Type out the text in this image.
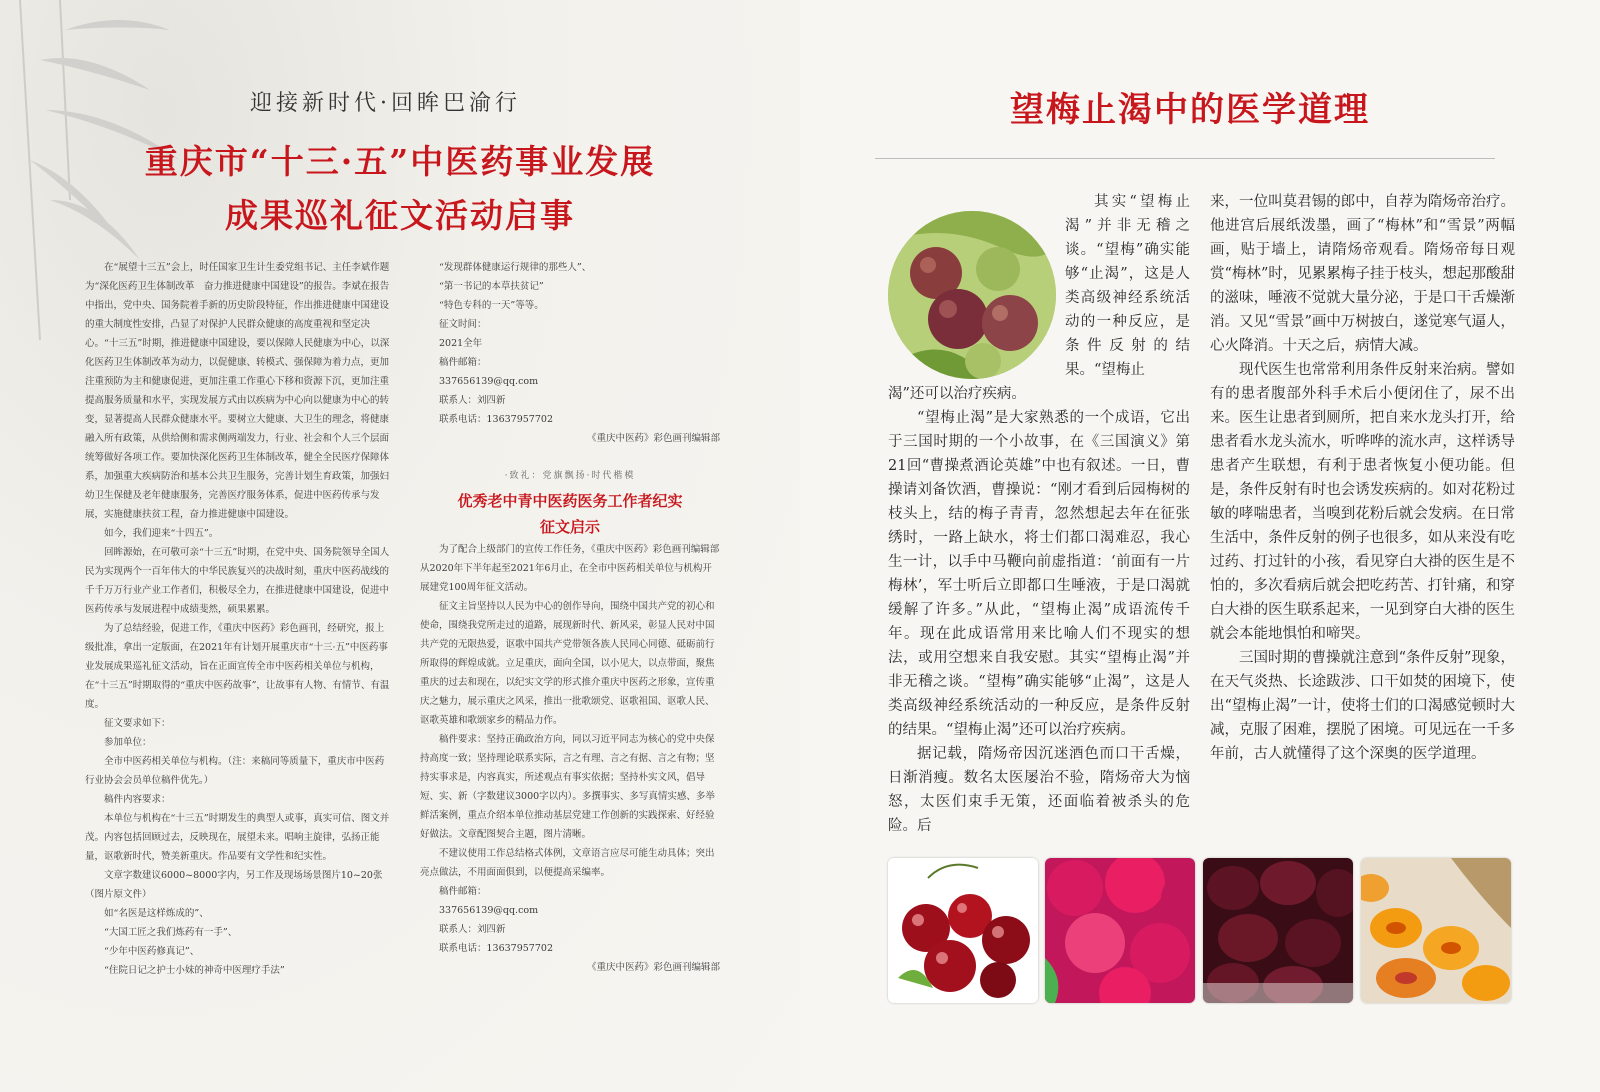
迎接新时代·回眸巴渝行
重庆市“十三·五”中医药事业发展
成果巡礼征文活动启事

在“展望十三五”会上，时任国家卫生计生委党组书记、主任李斌作题为“深化医药卫生体制改革　奋力推进健康中国建设”的报告。李斌在报告中指出，党中央、国务院着手新的历史阶段特征，作出推进健康中国建设的重大制度性安排，凸显了对保护人民群众健康的高度重视和坚定决心。“十三五”时期，推进健康中国建设，要以保障人民健康为中心，以深化医药卫生体制改革为动力，以促健康、转模式、强保障为着力点，更加注重预防为主和健康促进，更加注重工作重心下移和资源下沉，更加注重提高服务质量和水平，实现发展方式由以疾病为中心向以健康为中心的转变，显著提高人民群众健康水平。要树立大健康、大卫生的理念，将健康融入所有政策，从供给侧和需求侧两端发力，行业、社会和个人三个层面统筹做好各项工作。要加快深化医药卫生体制改革，健全全民医疗保障体系，加强重大疾病防治和基本公共卫生服务，完善计划生育政策，加强妇幼卫生保健及老年健康服务，完善医疗服务体系，促进中医药传承与发展，实施健康扶贫工程，奋力推进健康中国建设。

如今，我们迎来“十四五”。

回眸源始，在可敬可亲“十三五”时期，在党中央、国务院领导全国人民为实现两个一百年伟大的中华民族复兴的决战时刻，重庆中医药战线的千千万万行业产业工作者们，积极尽全力，在推进健康中国建设，促进中医药传承与发展进程中成绩斐然，硕果累累。

为了总结经验，促进工作，《重庆中医药》彩色画刊，经研究，报上级批准，拿出一定版面，在2021年有计划开展重庆市“十三·五”中医药事业发展成果巡礼征文活动，旨在正面宣传全市中医药相关单位与机构，在“十三五”时期取得的“重庆中医药故事”，让故事有人物、有情节、有温度。

征文要求如下：

参加单位：

全市中医药相关单位与机构。（注：来稿同等质量下，重庆市中医药行业协会会员单位稿件优先。）

稿件内容要求：

本单位与机构在“十三五”时期发生的典型人或事，真实可信、图文并茂。内容包括回顾过去，反映现在，展望未来。唱响主旋律，弘扬正能量，讴歌新时代，赞美新重庆。作品要有文学性和纪实性。

文章字数建议6000~8000字内，另工作及现场场景图片10~20张（图片原文件）

如“名医是这样炼成的”、

“大国工匠之我们炼药有一手”、

“少年中医药修真记”、

“住院日记之护士小妹的神奇中医理疗手法”

“发现群体健康运行规律的那些人”、

“第一书记的本草扶贫记”

“特色专科的一天”等等。

征文时间：

2021全年

稿件邮箱：

337656139@qq.com

联系人：刘四新

联系电话：13637957702

《重庆中医药》彩色画刊编辑部

·致礼：党旗飘扬·时代楷模
优秀老中青中医药医务工作者纪实
征文启示

为了配合上级部门的宣传工作任务，《重庆中医药》彩色画刊编辑部从2020年下半年起至2021年6月止，在全市中医药相关单位与机构开展建党100周年征文活动。

征文主旨坚持以人民为中心的创作导向，围绕中国共产党的初心和使命，围绕我党所走过的道路，展现新时代、新风采，彰显人民对中国共产党的无限热爱，讴歌中国共产党带领各族人民同心同德、砥砺前行所取得的辉煌成就。立足重庆，面向全国，以小见大，以点带面，聚焦重庆的过去和现在，以纪实文学的形式推介重庆中医药之形象，宣传重庆之魅力，展示重庆之风采，推出一批歌颂党、讴歌祖国、讴歌人民、讴歌英雄和歌颂家乡的精品力作。

稿件要求：坚持正确政治方向，同以习近平同志为核心的党中央保持高度一致；坚持理论联系实际，言之有理、言之有据、言之有物；坚持实事求是，内容真实，所述观点有事实依据；坚持朴实文风，倡导短、实、新（字数建议3000字以内）。多撰事实、多写真情实感、多举鲜活案例，重点介绍本单位推动基层党建工作创新的实践探索、好经验好做法。文章配图契合主题，图片清晰。

不建议使用工作总结格式体例，文章语言应尽可能生动具体；突出亮点做法，不用面面俱到，以便提高采编率。

稿件邮箱：

337656139@qq.com

联系人：刘四新

联系电话：13637957702

《重庆中医药》彩色画刊编辑部

望梅止渴中的医学道理

其实“望梅止渴”并非无稽之谈。“望梅”确实能够“止渴”，这是人类高级神经系统活动的一种反应，是条件反射的结果。“望梅止

渴”还可以治疗疾病。

“望梅止渴”是大家熟悉的一个成语，它出于三国时期的一个小故事，在《三国演义》第21回“曹操煮酒论英雄”中也有叙述。一日，曹操请刘备饮酒，曹操说：“刚才看到后园梅树的枝头上，结的梅子青青，忽然想起去年在征张绣时，一路上缺水，将士们都口渴难忍，我心生一计，以手中马鞭向前虚指道：‘前面有一片梅林’，军士听后立即都口生唾液，于是口渴就缓解了许多。”从此，“望梅止渴”成语流传千年。现在此成语常用来比喻人们不现实的想法，或用空想来自我安慰。其实“望梅止渴”并非无稽之谈。“望梅”确实能够“止渴”，这是人类高级神经系统活动的一种反应，是条件反射的结果。“望梅止渴”还可以治疗疾病。

据记载，隋炀帝因沉迷酒色而口干舌燥，日渐消瘦。数名太医屡治不验，隋炀帝大为恼怒，太医们束手无策，还面临着被杀头的危险。后

来，一位叫莫君锡的郎中，自荐为隋炀帝治疗。他进宫后展纸泼墨，画了“梅林”和“雪景”两幅画，贴于墙上，请隋炀帝观看。隋炀帝每日观赏“梅林”时，见累累梅子挂于枝头，想起那酸甜的滋味，唾液不觉就大量分泌，于是口干舌燥渐消。又见“雪景”画中万树披白，遂觉寒气逼人，心火降消。十天之后，病情大减。

现代医生也常常利用条件反射来治病。譬如有的患者腹部外科手术后小便闭住了，尿不出来。医生让患者到厕所，把自来水龙头打开，给患者看水龙头流水，听哗哗的流水声，这样诱导患者产生联想，有利于患者恢复小便功能。但是，条件反射有时也会诱发疾病的。如对花粉过敏的哮喘患者，当嗅到花粉后就会发病。在日常生活中，条件反射的例子也很多，如从来没有吃过药、打过针的小孩，看见穿白大褂的医生是不怕的，多次看病后就会把吃药苦、打针痛，和穿白大褂的医生联系起来，一见到穿白大褂的医生就会本能地惧怕和啼哭。

三国时期的曹操就注意到“条件反射”现象，在天气炎热、长途跋涉、口干如焚的困境下，使出“望梅止渴”一计，使将士们的口渴感觉顿时大减，克服了困难，摆脱了困境。可见远在一千多年前，古人就懂得了这个深奥的医学道理。
